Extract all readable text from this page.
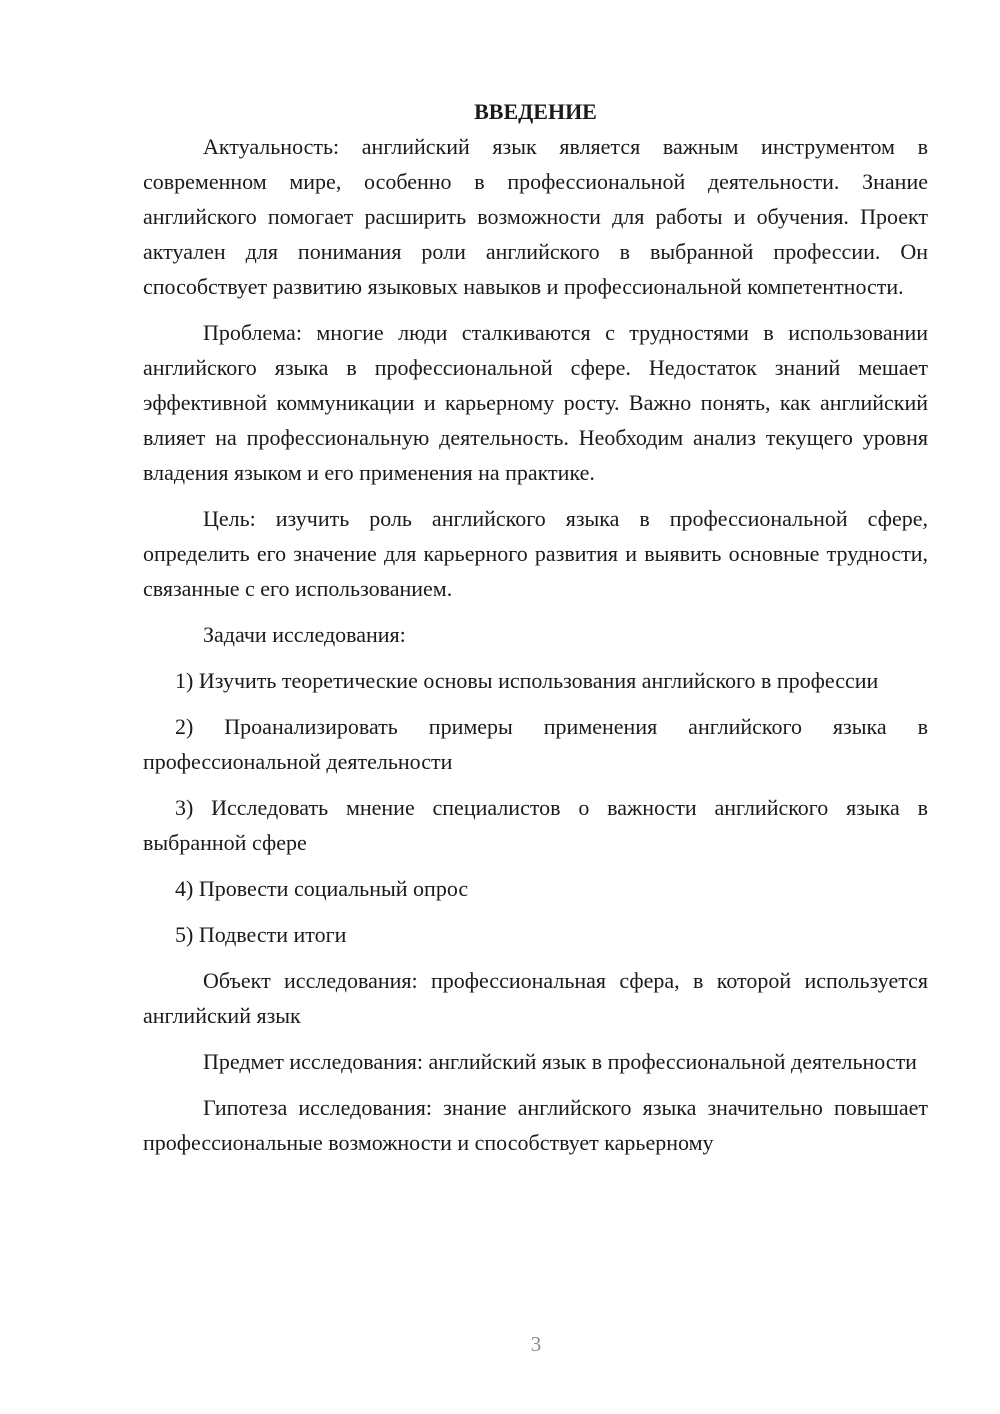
ВВЕДЕНИЕ

Актуальность: английский язык является важным инструментом в современном мире, особенно в профессиональной деятельности. Знание английского помогает расширить возможности для работы и обучения. Проект актуален для понимания роли английского в выбранной профессии. Он способствует развитию языковых навыков и профессиональной компетентности.

Проблема: многие люди сталкиваются с трудностями в использовании английского языка в профессиональной сфере. Недостаток знаний мешает эффективной коммуникации и карьерному росту. Важно понять, как английский влияет на профессиональную деятельность. Необходим анализ текущего уровня владения языком и его применения на практике.

Цель: изучить роль английского языка в профессиональной сфере, определить его значение для карьерного развития и выявить основные трудности, связанные с его использованием.

Задачи исследования:

1) Изучить теоретические основы использования английского в профессии

2) Проанализировать примеры применения английского языка в профессиональной деятельности

3) Исследовать мнение специалистов о важности английского языка в выбранной сфере

4) Провести социальный опрос

5) Подвести итоги

Объект исследования: профессиональная сфера, в которой используется английский язык

Предмет исследования: английский язык в профессиональной деятельности

Гипотеза исследования: знание английского языка значительно повышает профессиональные возможности и способствует карьерному

3
